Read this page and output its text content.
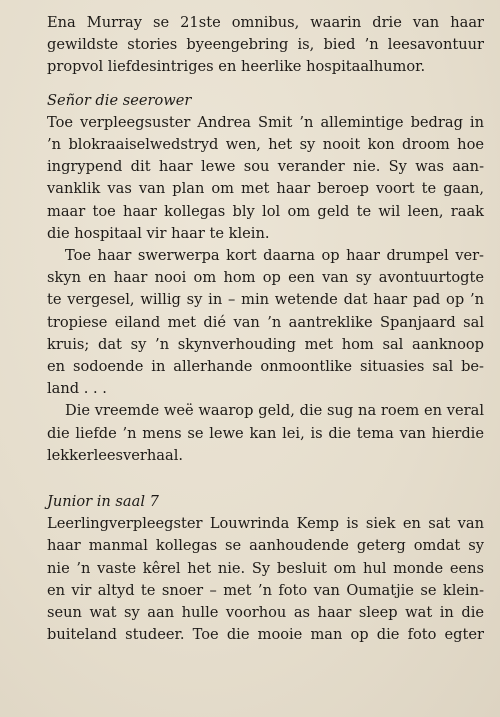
Ena Murray se 21ste omnibus, waarin drie van haar
gewildste stories byeengebring is, bied ’n leesavontuur
propvol liefdesintriges en heerlike hospitaalhumor.
Señor die seerower
Toe verpleegsuster Andrea Smit ’n allemintige bedrag in
’n blokraaiselwedstryd wen, het sy nooit kon droom hoe
ingrypend dit haar lewe sou verander nie. Sy was aan-
vanklik vas van plan om met haar beroep voort te gaan,
maar toe haar kollegas bly lol om geld te wil leen, raak
die hospitaal vir haar te klein.
Toe haar swerwerpa kort daarna op haar drumpel ver-
skyn en haar nooi om hom op een van sy avontuurtogte
te vergesel, willig sy in – min wetende dat haar pad op ’n
tropiese eiland met dié van ’n aantreklike Spanjaard sal
kruis; dat sy ’n skynverhouding met hom sal aanknoop
en sodoende in allerhande onmoontlike situasies sal be-
land . . .
Die vreemde weë waarop geld, die sug na roem en veral
die liefde ’n mens se lewe kan lei, is die tema van hierdie
lekkerleesverhaal.
Junior in saal 7
Leerlingverpleegster Louwrinda Kemp is siek en sat van
haar manmal kollegas se aanhoudende geterg omdat sy
nie ’n vaste kêrel het nie. Sy besluit om hul monde eens
en vir altyd te snoer – met ’n foto van Oumatjie se klein-
seun wat sy aan hulle voorhou as haar sleep wat in die
buiteland studeer. Toe die mooie man op die foto egter
